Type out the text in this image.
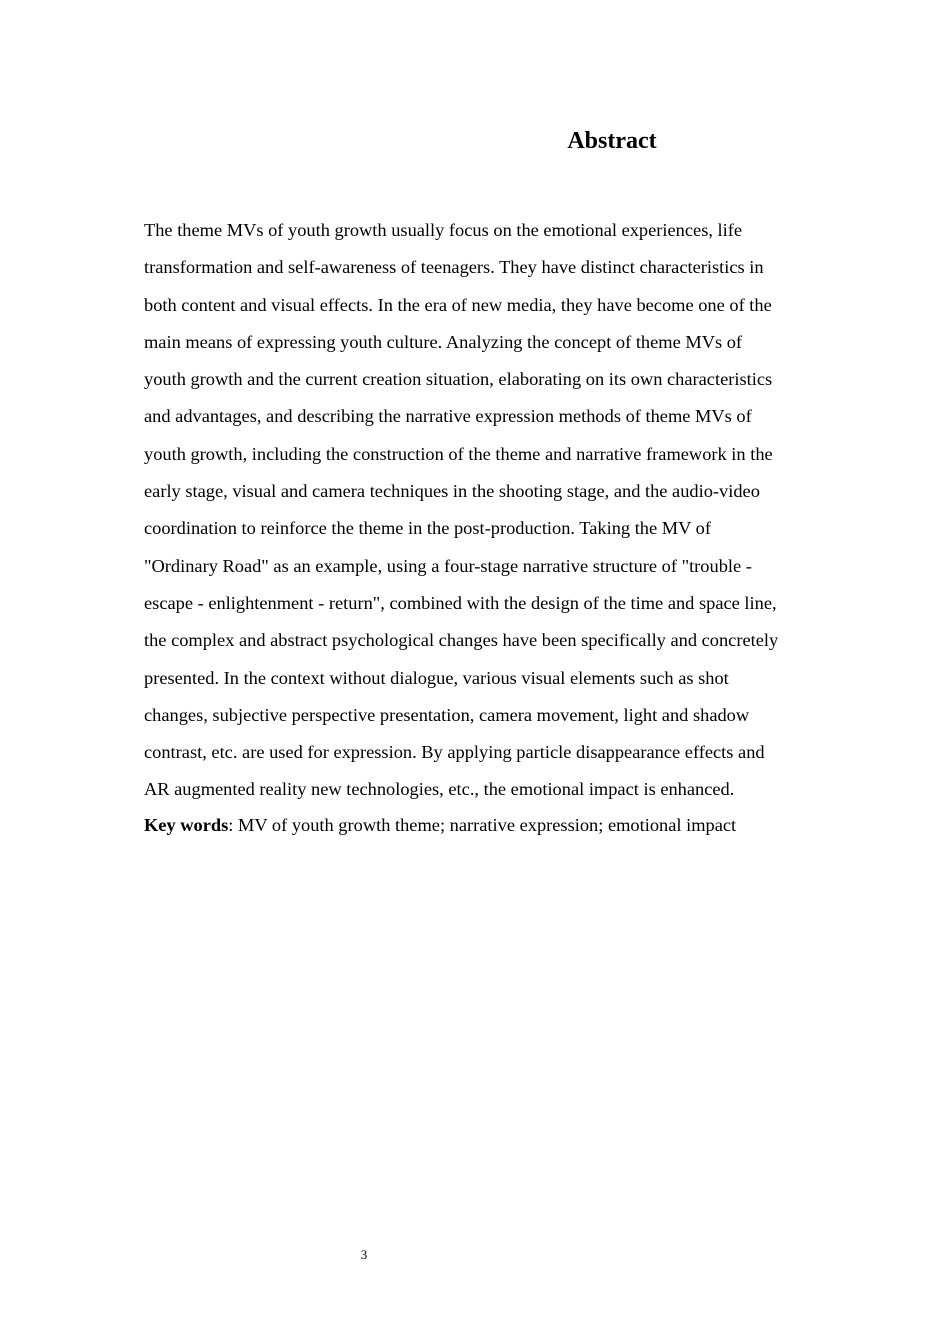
Abstract
The theme MVs of youth growth usually focus on the emotional experiences, life
transformation and self-awareness of teenagers. They have distinct characteristics in
both content and visual effects. In the era of new media, they have become one of the
main means of expressing youth culture. Analyzing the concept of theme MVs of
youth growth and the current creation situation, elaborating on its own characteristics
and advantages, and describing the narrative expression methods of theme MVs of
youth growth, including the construction of the theme and narrative framework in the
early stage, visual and camera techniques in the shooting stage, and the audio-video
coordination to reinforce the theme in the post-production. Taking the MV of
"Ordinary Road" as an example, using a four-stage narrative structure of "trouble -
escape - enlightenment - return", combined with the design of the time and space line,
the complex and abstract psychological changes have been specifically and concretely
presented. In the context without dialogue, various visual elements such as shot
changes, subjective perspective presentation, camera movement, light and shadow
contrast, etc. are used for expression. By applying particle disappearance effects and
AR augmented reality new technologies, etc., the emotional impact is enhanced.

Key words: MV of youth growth theme; narrative expression; emotional impact

3
